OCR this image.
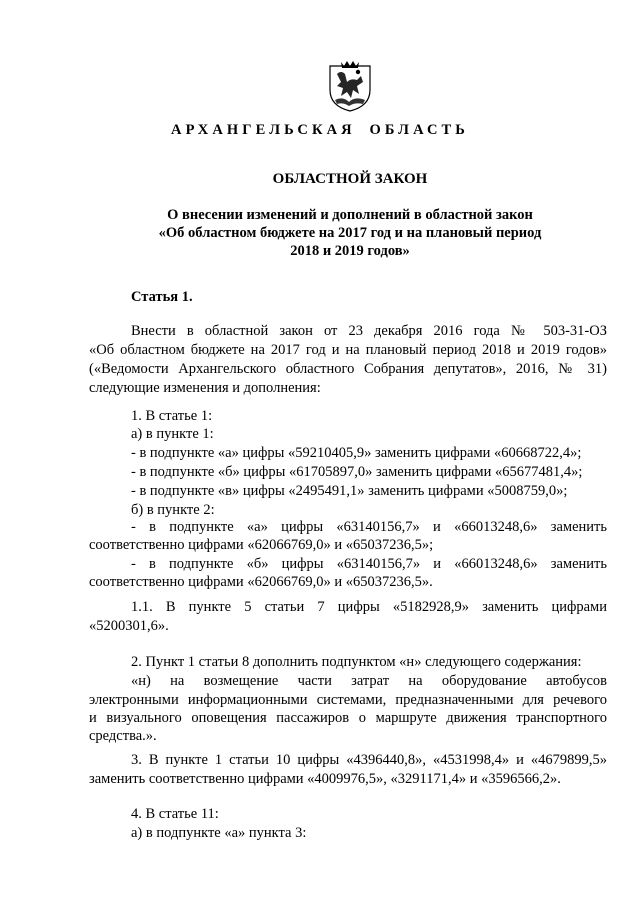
АРХАНГЕЛЬСКАЯ ОБЛАСТЬ
ОБЛАСТНОЙ ЗАКОН
О внесении изменений и дополнений в областной закон
«Об областном бюджете на 2017 год и на плановый период
2018 и 2019 годов»
Статья 1.
Внести в областной закон от 23 декабря 2016 года № 503-31-ОЗ
«Об областном бюджете на 2017 год и на плановый период 2018 и 2019 годов»
(«Ведомости Архангельского областного Собрания депутатов», 2016, № 31)
следующие изменения и дополнения:
1. В статье 1:
а) в пункте 1:
- в подпункте «а» цифры «59210405,9» заменить цифрами «60668722,4»;
- в подпункте «б» цифры «61705897,0» заменить цифрами «65677481,4»;
- в подпункте «в» цифры «2495491,1» заменить цифрами «5008759,0»;
б) в пункте 2:
- в подпункте «а» цифры «63140156,7» и «66013248,6» заменить
соответственно цифрами «62066769,0» и «65037236,5»;
- в подпункте «б» цифры «63140156,7» и «66013248,6» заменить
соответственно цифрами «62066769,0» и «65037236,5».
1.1. В пункте 5 статьи 7 цифры «5182928,9» заменить цифрами
«5200301,6».
2. Пункт 1 статьи 8 дополнить подпунктом «н» следующего содержания:
«н) на возмещение части затрат на оборудование автобусов
электронными информационными системами, предназначенными для речевого
и визуального оповещения пассажиров о маршруте движения транспортного
средства.».
3. В пункте 1 статьи 10 цифры «4396440,8», «4531998,4» и «4679899,5»
заменить соответственно цифрами «4009976,5», «3291171,4» и «3596566,2».
4. В статье 11:
а) в подпункте «а» пункта 3:
